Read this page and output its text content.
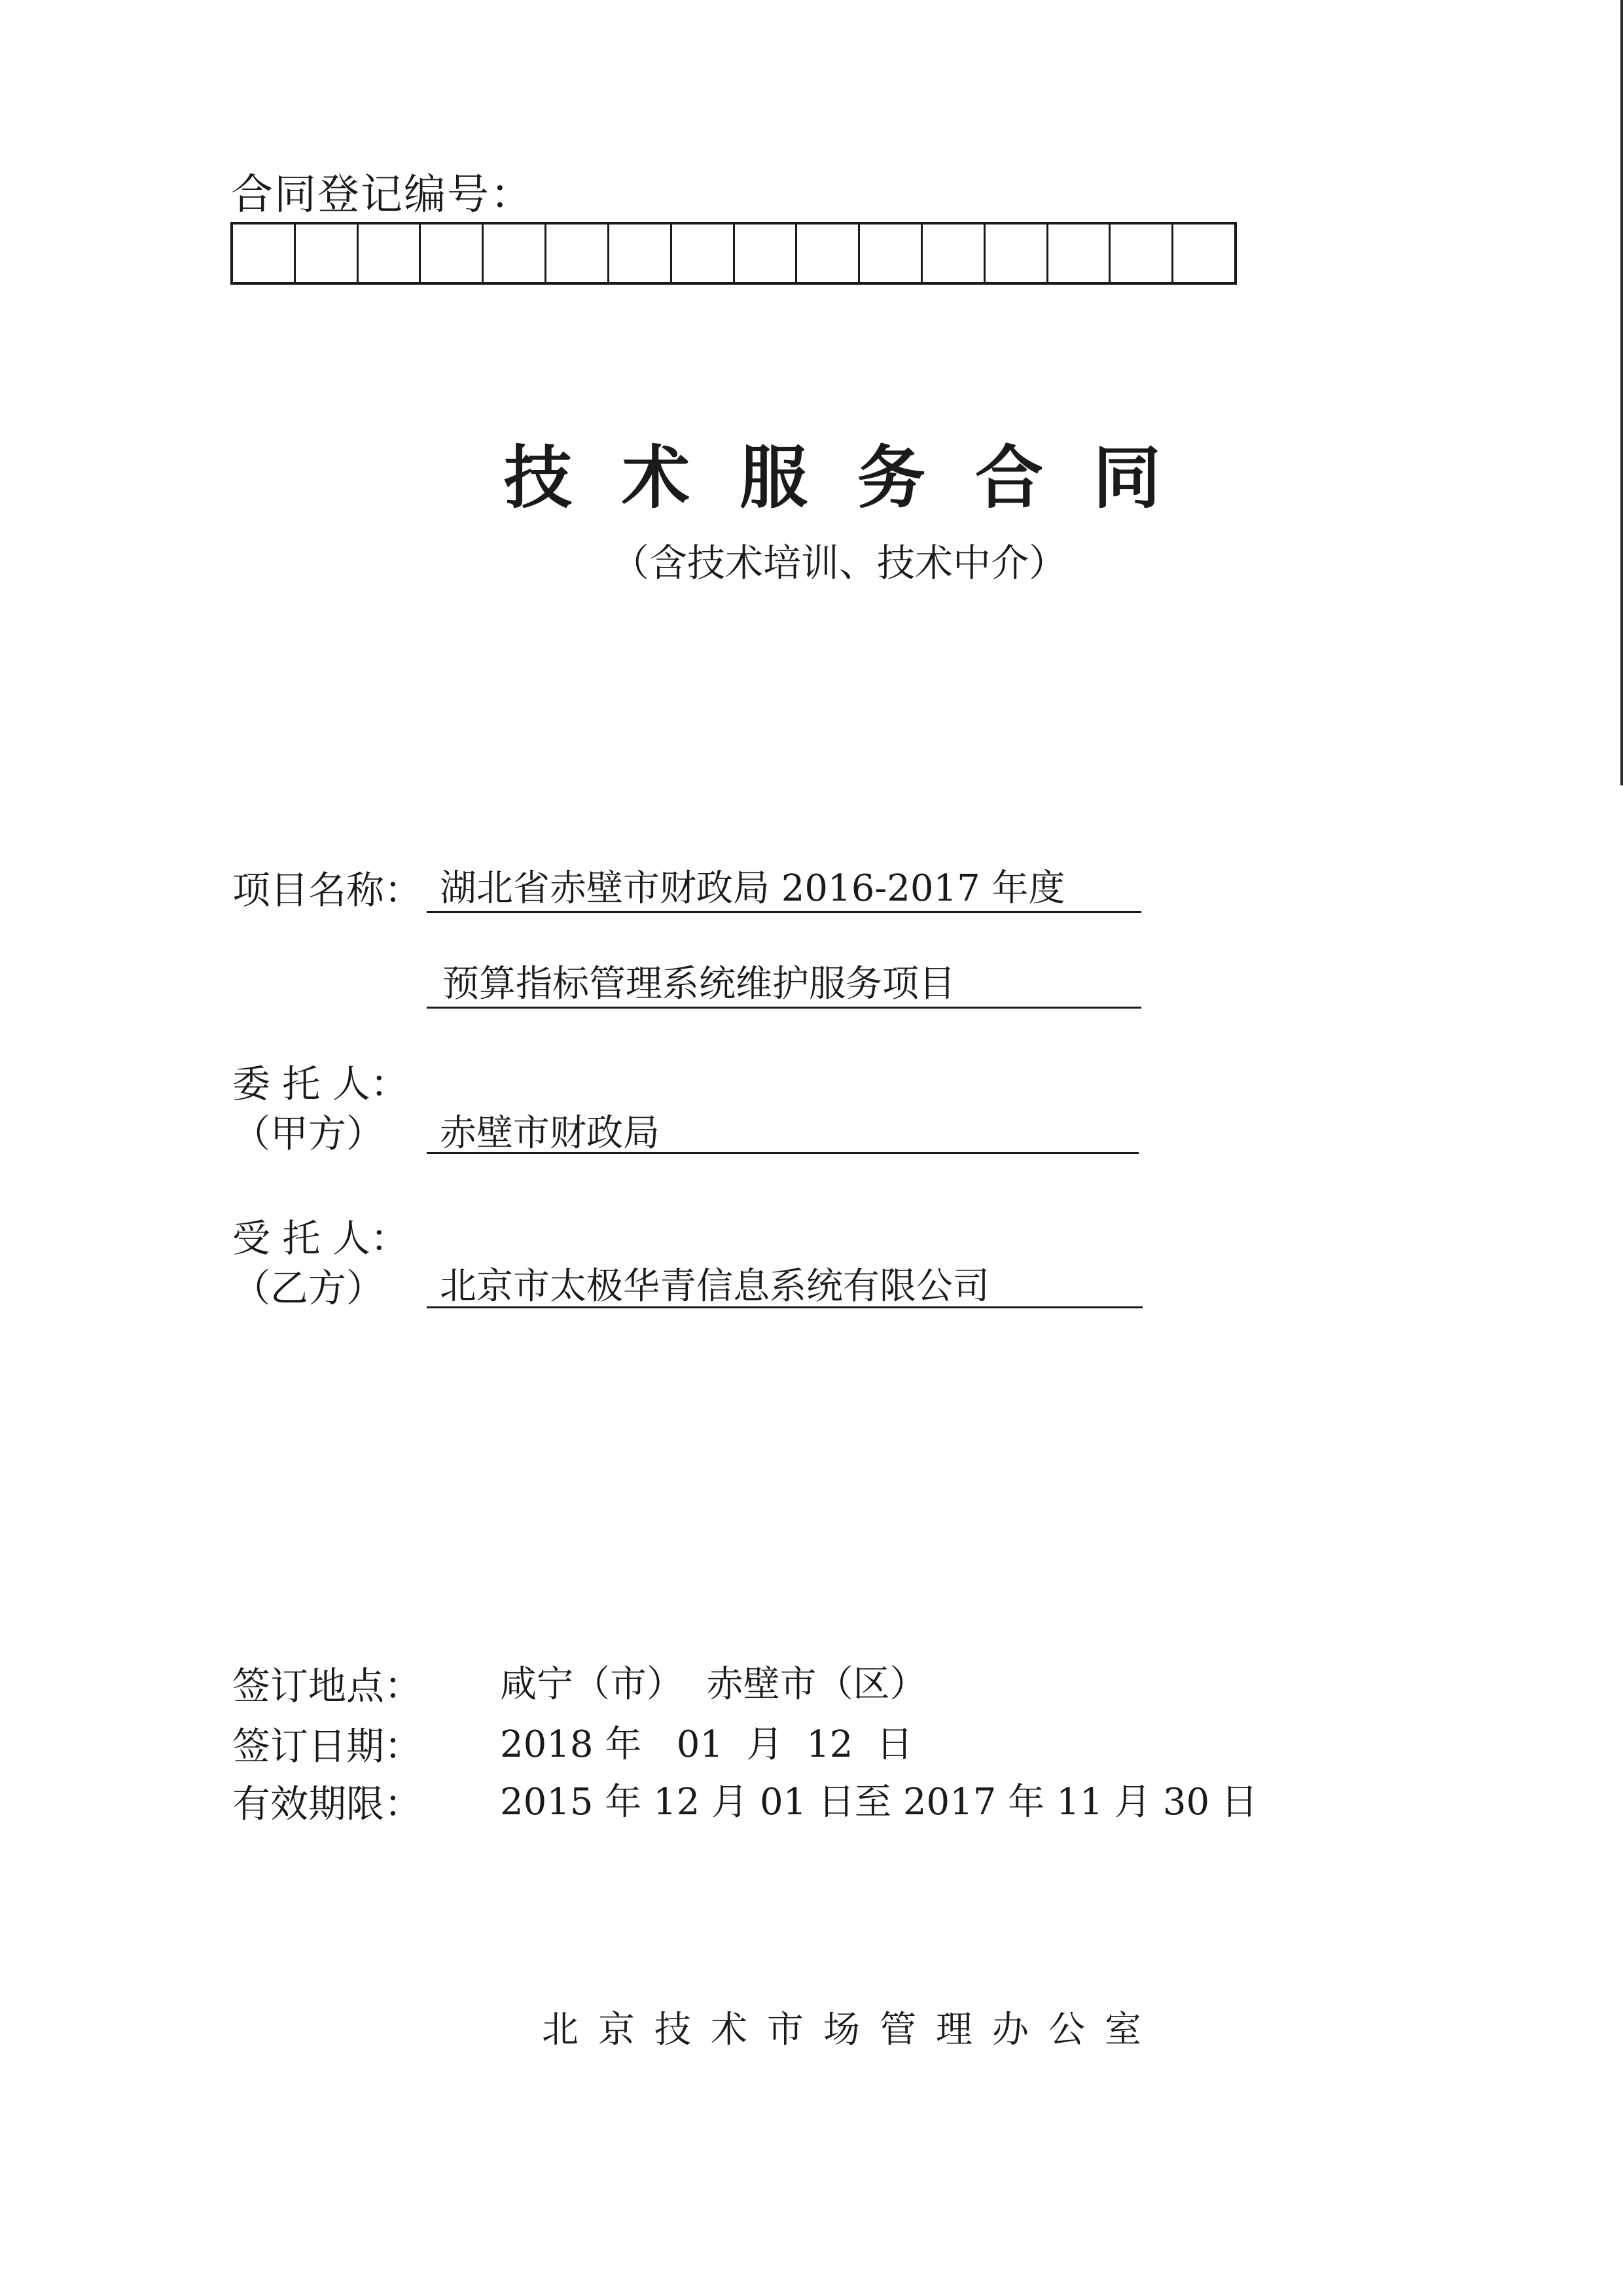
合同登记编号：
技术服务合同
（含技术培训、技术中介）
项目名称： 湖北省赤壁市财政局 2016-2017 年度
预算指标管理系统维护服务项目
委 托 人：
（甲方） 赤壁市财政局
受 托 人：
（乙方） 北京市太极华青信息系统有限公司
签订地点： 咸宁（市）  赤壁市（区）
签订日期： 2018 年   01  月  12  日
有效期限： 2015 年 12 月 01 日至 2017 年 11 月 30 日
北京技术市场管理办公室
